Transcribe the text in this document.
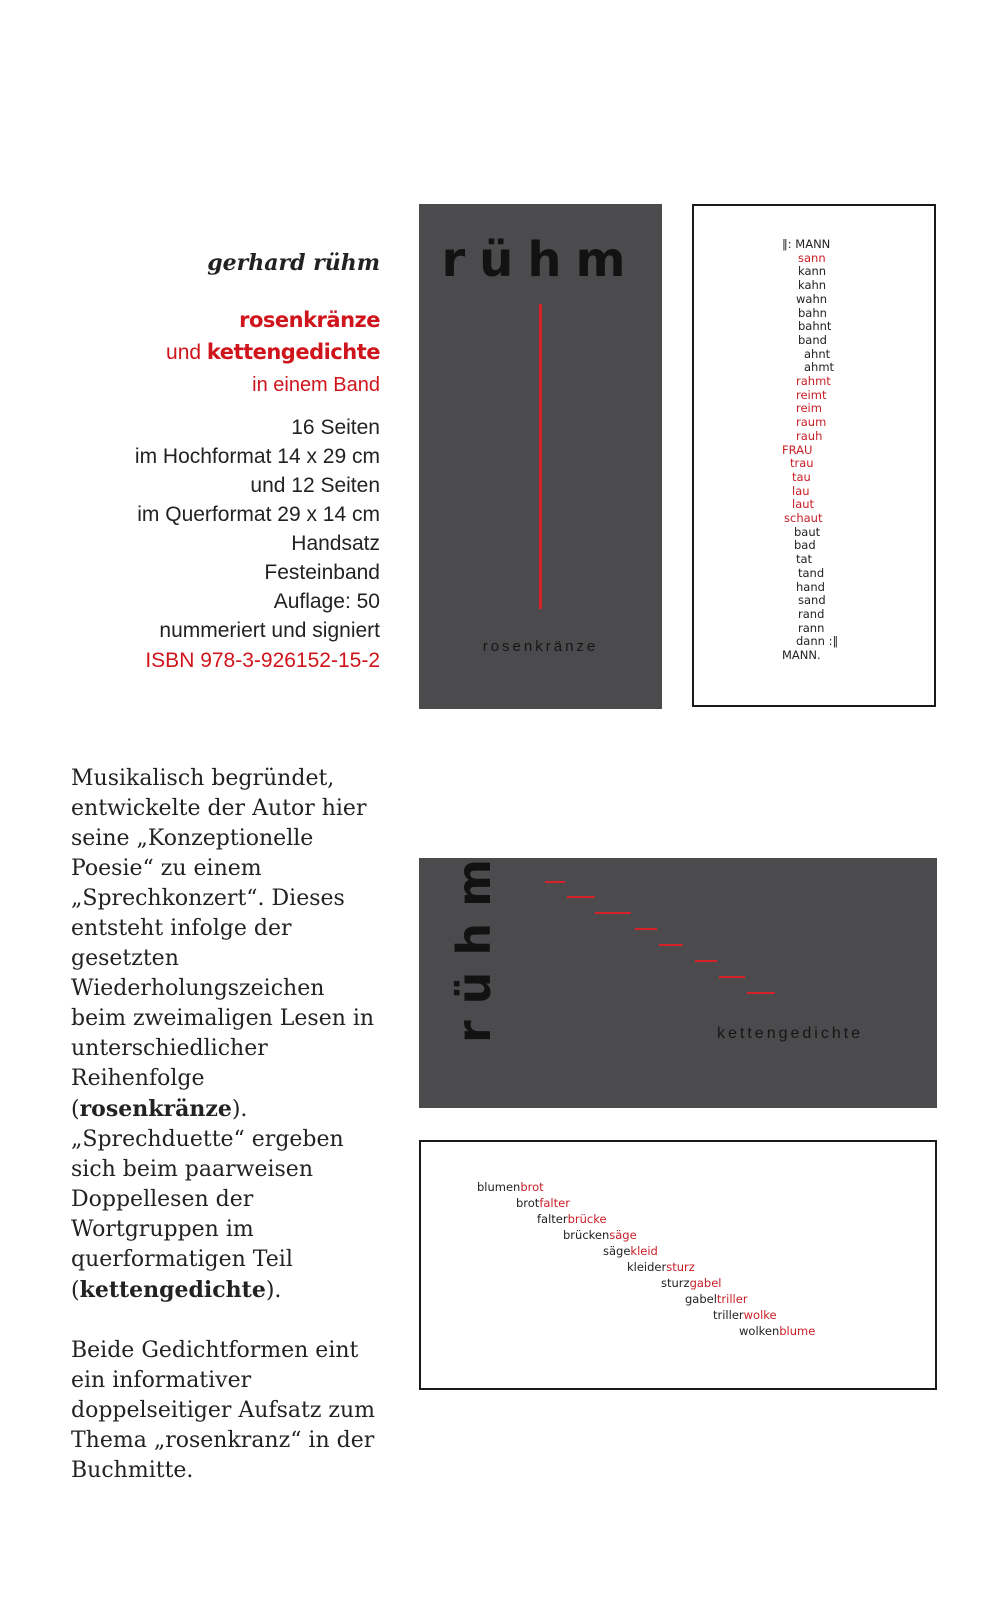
gerhard rühm
rosenkränze
und kettengedichte
in einem Band
16 Seiten
im Hochformat 14 x 29 cm
und 12 Seiten
im Querformat 29 x 14 cm
Handsatz
Festeinband
Auflage: 50
nummeriert und signiert
ISBN 978-3-926152-15-2

Musikalisch begründet, entwickelte der Autor hier seine „Konzeptionelle Poesie“ zu einem „Sprechkonzert“. Dieses entsteht infolge der gesetzten Wiederholungszeichen beim zweimaligen Lesen in unterschiedlicher Reihenfolge (rosenkränze). „Sprechduette“ ergeben sich beim paarweisen Doppellesen der Wortgruppen im querformatigen Teil (kettengedichte).

Beide Gedichtformen eint ein informativer doppelseitiger Aufsatz zum Thema „rosenkranz“ in der Buchmitte.

rühm
rosenkränze
‖: MANN
sann
kann
kahn
wahn
bahn
bahnt
band
ahnt
ahmt
rahmt
reimt
reim
raum
rauh
FRAU
trau
tau
lau
laut
schaut
baut
bad
tat
tand
hand
sand
rand
rann
dann :‖
MANN.
rühm	kettengedichte
blumenbrot
brotfalter
falterbrücke
brückensäge
sägekleid
kleidersturz
sturzgabel
gabeltriller
trillerwolke
wolkenblume
